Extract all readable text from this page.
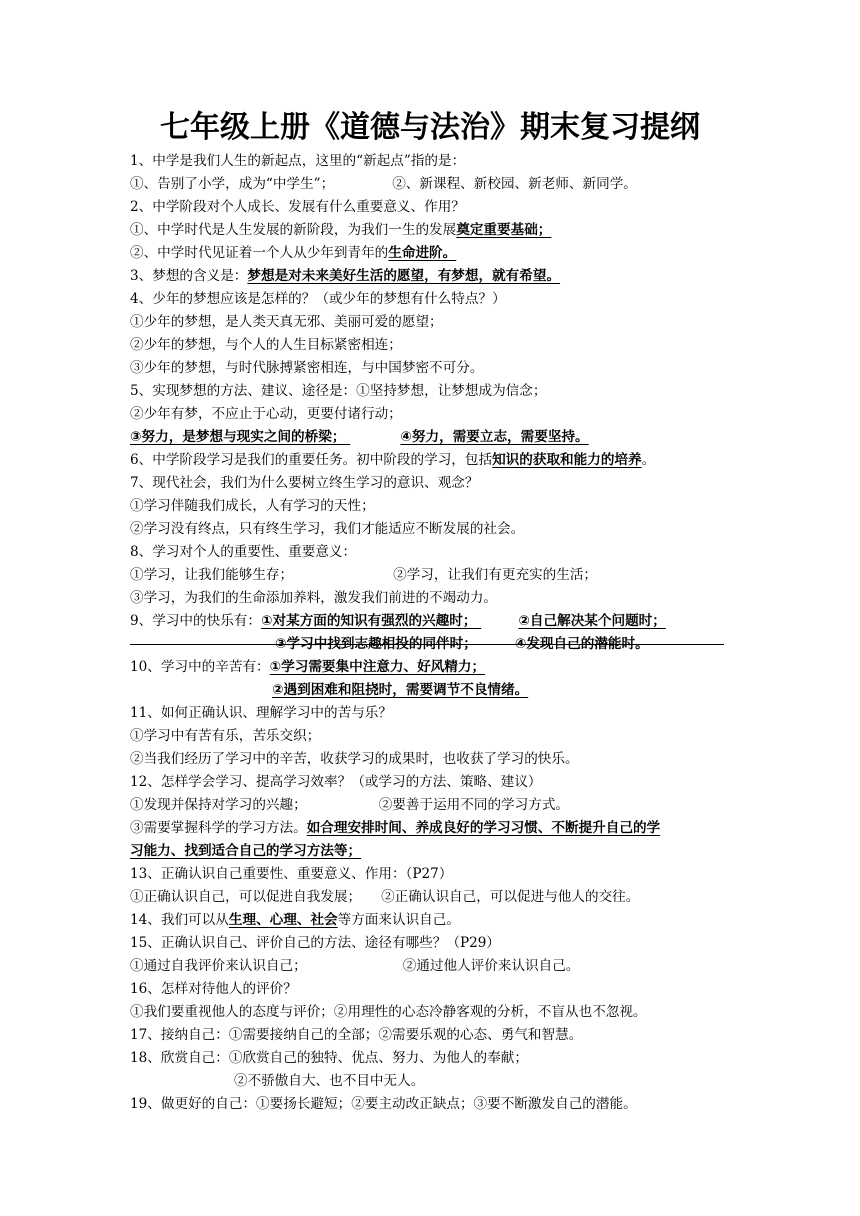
七年级上册《道德与法治》期末复习提纲
1、中学是我们人生的新起点，这里的“新起点”指的是：
①、告别了小学，成为“中学生”；	②、新课程、新校园、新老师、新同学。
2、中学阶段对个人成长、发展有什么重要意义、作用？
①、中学时代是人生发展的新阶段，为我们一生的发展奠定重要基础；
②、中学时代见证着一个人从少年到青年的生命进阶。
3、梦想的含义是：梦想是对未来美好生活的愿望，有梦想，就有希望。
4、少年的梦想应该是怎样的？（或少年的梦想有什么特点？）
①少年的梦想，是人类天真无邪、美丽可爱的愿望；
②少年的梦想，与个人的人生目标紧密相连；
③少年的梦想，与时代脉搏紧密相连，与中国梦密不可分。
5、实现梦想的方法、建议、途径是：①坚持梦想，让梦想成为信念；
②少年有梦，不应止于心动，更要付诸行动；
③努力，是梦想与现实之间的桥梁；	④努力，需要立志，需要坚持。
6、中学阶段学习是我们的重要任务。初中阶段的学习，包括知识的获取和能力的培养。
7、现代社会，我们为什么要树立终生学习的意识、观念？
①学习伴随我们成长，人有学习的天性；
②学习没有终点，只有终生学习，我们才能适应不断发展的社会。
8、学习对个人的重要性、重要意义：
①学习，让我们能够生存；	②学习，让我们有更充实的生活；
③学习，为我们的生命添加养料，激发我们前进的不竭动力。
9、学习中的快乐有：①对某方面的知识有强烈的兴趣时；	②自己解决某个问题时；
③学习中找到志趣相投的同伴时；	④发现自己的潜能时。
10、学习中的辛苦有：①学习需要集中注意力、好风精力；
②遇到困难和阻挠时，需要调节不良情绪。
11、如何正确认识、理解学习中的苦与乐？
①学习中有苦有乐，苦乐交织；
②当我们经历了学习中的辛苦，收获学习的成果时，也收获了学习的快乐。
12、怎样学会学习、提高学习效率？（或学习的方法、策略、建议）
①发现并保持对学习的兴趣；	②要善于运用不同的学习方式。
③需要掌握科学的学习方法。如合理安排时间、养成良好的学习习惯、不断提升自己的学
习能力、找到适合自己的学习方法等；
13、正确认识自己重要性、重要意义、作用：（P27）
①正确认识自己，可以促进自我发展； ②正确认识自己，可以促进与他人的交往。
14、我们可以从生理、心理、社会等方面来认识自己。
15、正确认识自己、评价自己的方法、途径有哪些？（P29）
①通过自我评价来认识自己；	②通过他人评价来认识自己。
16、怎样对待他人的评价？
①我们要重视他人的态度与评价；②用理性的心态冷静客观的分析，不盲从也不忽视。
17、接纳自己：①需要接纳自己的全部；②需要乐观的心态、勇气和智慧。
18、欣赏自己：①欣赏自己的独特、优点、努力、为他人的奉献；
②不骄傲自大、也不目中无人。
19、做更好的自己：①要扬长避短；②要主动改正缺点；③要不断激发自己的潜能。
